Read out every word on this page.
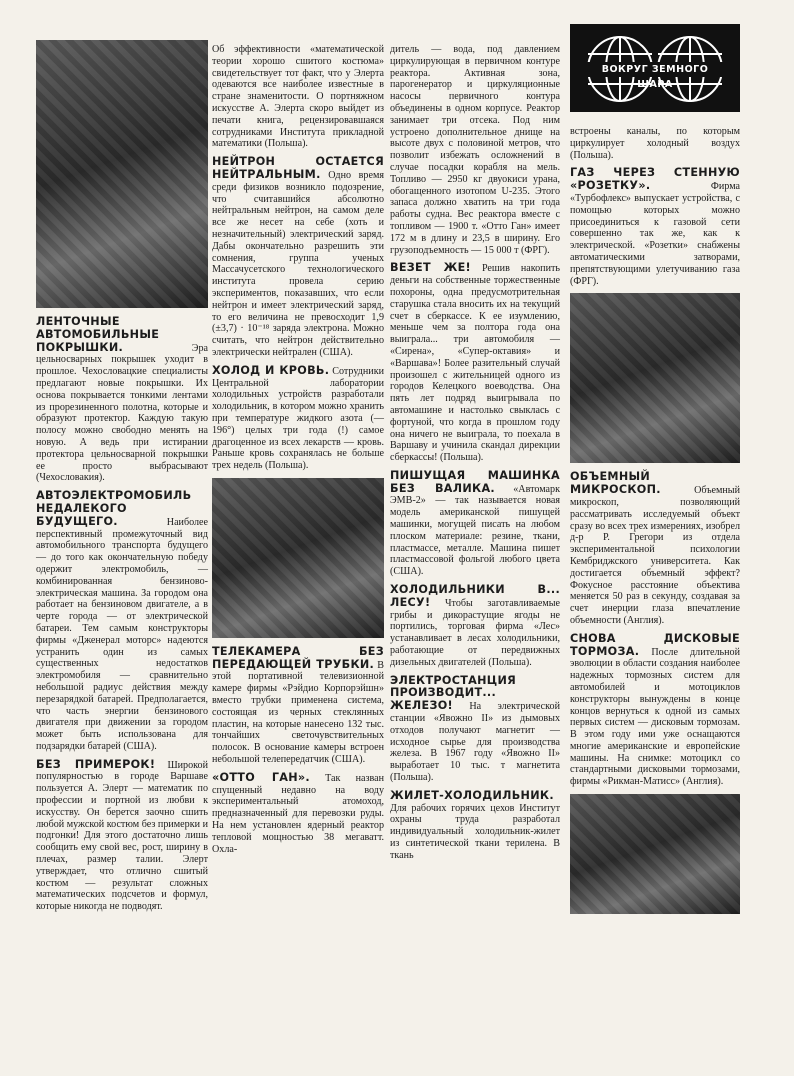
ЛЕНТОЧНЫЕ АВТОМОБИЛЬНЫЕ ПОКРЫШКИ.	Эра цельносварных покрышек уходит в прошлое. Чехословацкие специалисты предлагают новые покрышки. Их основа покрывается тонкими лентами из прорезиненного полотна, которые и образуют протектор. Каждую такую полосу можно свободно менять на новую. А ведь при истирании протектора цельносварной покрышки ее просто выбрасывают (Чехословакия).

АВТОЭЛЕКТРОМОБИЛЬ НЕДАЛЕКОГО БУДУЩЕГО.	Наиболее перспективный промежуточный вид автомобильного транспорта будущего — до того как окончательную победу одержит электромобиль, — комбинированная бензиново-электрическая машина. За городом она работает на бензиновом двигателе, а в черте города — от электрической батареи. Тем самым конструкторы фирмы «Дженерал моторс» надеются устранить один из самых существенных недостатков электромобиля — сравнительно небольшой радиус действия между перезарядкой батарей. Предполагается, что часть энергии бензинового двигателя при движении за городом может быть использована для подзарядки батарей (США).

БЕЗ ПРИМЕРОК! Широкой популярностью в городе Варшаве пользуется А. Элерт — математик по профессии и портной из любви к искусству. Он берется заочно сшить любой мужской костюм без примерки и подгонки! Для этого достаточно лишь сообщить ему свой вес, рост, ширину в плечах, размер талии. Элерт утверждает, что отлично сшитый костюм — результат сложных математических подсчетов и формул, которые никогда не подводят.

Об эффективности «математической теории хорошо сшитого костюма» свидетельствует тот факт, что у Элерта одеваются все наиболее известные в стране знаменитости. О портняжном искусстве А. Элерта скоро выйдет из печати книга, рецензировавшаяся сотрудниками Института прикладной математики (Польша).

НЕЙТРОН ОСТАЕТСЯ НЕЙТРАЛЬНЫМ. Одно время среди физиков возникло подозрение, что считавшийся абсолютно нейтральным нейтрон, на самом деле все же несет на себе (хоть и незначительный) электрический заряд. Дабы окончательно разрешить эти сомнения, группа ученых Массачусетского технологического института провела серию экспериментов, показавших, что если нейтрон и имеет электрический заряд, то его величина не превосходит 1,9 (±3,7) · 10⁻¹⁸ заряда электрона. Можно считать, что нейтрон действительно электрически нейтрален (США).

ХОЛОД И КРОВЬ. Сотрудники Центральной лаборатории холодильных устройств разработали холодильник, в котором можно хранить при температуре жидкого азота (—196°) целых три года (!) самое драгоценное из всех лекарств — кровь. Раньше кровь сохранялась не больше трех недель (Польша).

ТЕЛЕКАМЕРА БЕЗ ПЕРЕДАЮЩЕЙ ТРУБКИ. В этой портативной телевизионной камере фирмы «Рэйдио Корпорэйшн» вместо трубки применена система, состоящая из черных стеклянных пластин, на которые нанесено 132 тыс. тончайших светочувствительных полосок. В основание камеры встроен небольшой телепередатчик (США).

«ОТТО ГАН». Так назван спущенный недавно на воду экспериментальный атомоход, предназначенный для перевозки руды. На нем установлен ядерный реактор тепловой мощностью 38 мегаватт. Охла-

дитель — вода, под давлением циркулирующая в первичном контуре реактора. Активная зона, парогенератор и циркуляционные насосы первичного контура объединены в одном корпусе. Реактор занимает три отсека. Под ним устроено дополнительное днище на высоте двух с половиной метров, что позволит избежать осложнений в случае посадки корабля на мель. Топливо — 2950 кг двуокиси урана, обогащенного изотопом U-235. Этого запаса должно хватить на три года работы судна. Вес реактора вместе с топливом — 1900 т. «Отто Ган» имеет 172 м в длину и 23,5 в ширину. Его грузоподъемность — 15 000 т (ФРГ).

ВЕЗЕТ ЖЕ! Решив накопить деньги на собственные торжественные похороны, одна предусмотрительная старушка стала вносить их на текущий счет в сберкассе. К ее изумлению, меньше чем за полтора года она выиграла... три автомобиля — «Сирена», «Супер-октавия» и «Варшава»! Более разительный случай произошел с жительницей одного из городов Келецкого воеводства. Она пять лет подряд выигрывала по автомашине и настолько свыклась с фортуной, что когда в прошлом году она ничего не выиграла, то поехала в Варшаву и учинила скандал дирекции сберкассы! (Польша).

ПИШУЩАЯ МАШИНКА БЕЗ ВАЛИКА. «Автомарк ЭМВ-2» — так называется новая модель американской пишущей машинки, могущей писать на любом плоском материале: резине, ткани, пластмассе, металле. Машина пишет пластмассовой фольгой любого цвета (США).

ХОЛОДИЛЬНИКИ В... ЛЕСУ! Чтобы заготавливаемые грибы и дикорастущие ягоды не портились, торговая фирма «Лес» устанавливает в лесах холодильники, работающие от передвижных дизельных двигателей (Польша).

ЭЛЕКТРОСТАНЦИЯ ПРОИЗВОДИТ... ЖЕЛЕЗО! На электрической станции «Явожно II» из дымовых отходов получают магнетит — исходное сырье для производства железа. В 1967 году «Явожно II» выработает 10 тыс. т магнетита (Польша).

ЖИЛЕТ-ХОЛОДИЛЬНИК. Для рабочих горячих цехов Институт охраны труда разработал индивидуальный холодильник-жилет из синтетической ткани терилена. В ткань

ВОКРУГ ЗЕМНОГО ШАРА

встроены каналы, по которым циркулирует холодный воздух (Польша).

ГАЗ ЧЕРЕЗ СТЕННУЮ «РОЗЕТКУ».	Фирма «Турбофлекс» выпускает устройства, с помощью которых можно присоединиться к газовой сети совершенно так же, как к электрической. «Розетки» снабжены автоматическими затворами, препятствующими улетучиванию газа (ФРГ).

ОБЪЕМНЫЙ МИКРОСКОП.	Объемный микроскоп, позволяющий рассматривать исследуемый объект сразу во всех трех измерениях, изобрел д-р Р. Грегори из отдела экспериментальной психологии Кембриджского университета. Как достигается объемный эффект? Фокусное расстояние объектива меняется 50 раз в секунду, создавая за счет инерции глаза впечатление объемности (Англия).

СНОВА ДИСКОВЫЕ ТОРМОЗА. После длительной эволюции в области создания наиболее надежных тормозных систем для автомобилей и мотоциклов конструкторы вынуждены в конце концов вернуться к одной из самых первых систем — дисковым тормозам. В этом году ими уже оснащаются многие американские и европейские машины. На снимке: мотоцикл со стандартными дисковыми тормозами, фирмы «Рикман-Матисс» (Англия).
